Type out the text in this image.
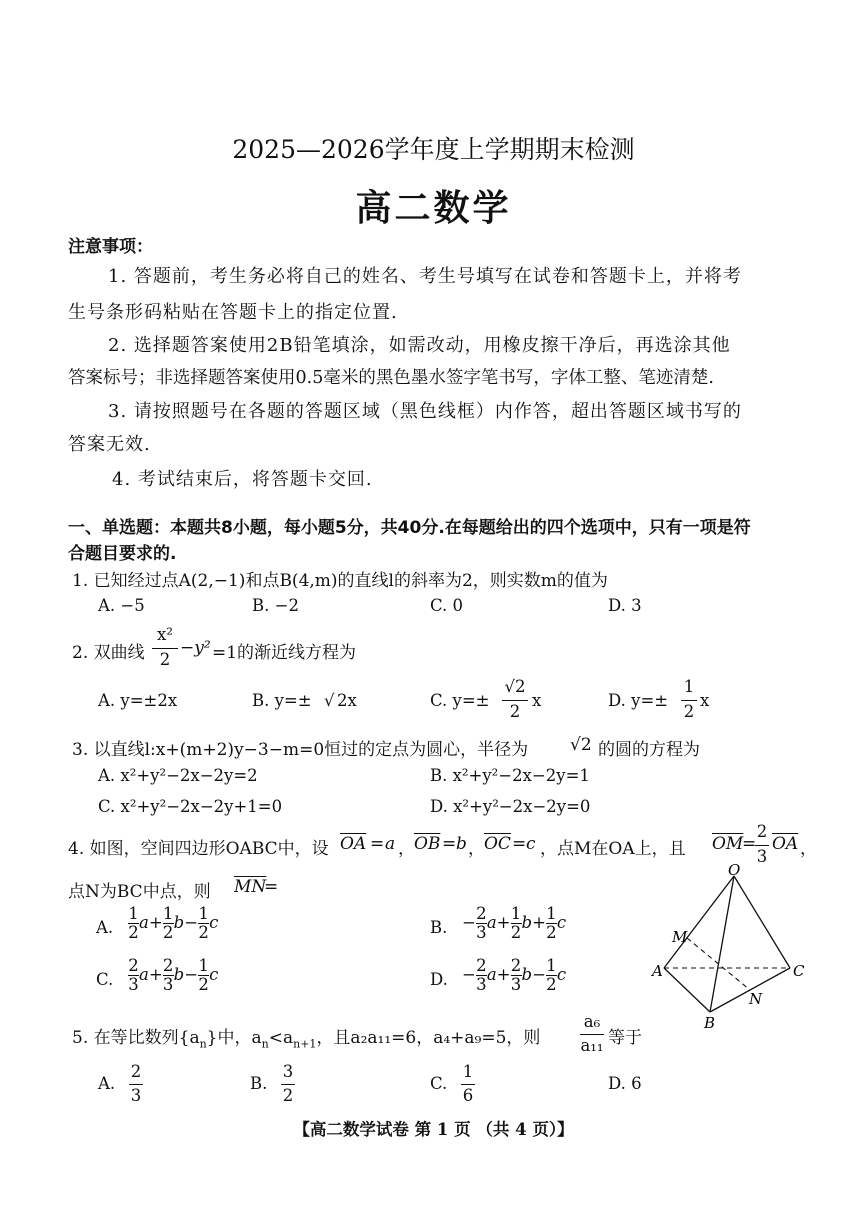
2025—2026学年度上学期期末检测
高二数学
注意事项：
1. 答题前，考生务必将自己的姓名、考生号填写在试卷和答题卡上，并将考
生号条形码粘贴在答题卡上的指定位置.
2. 选择题答案使用2B铅笔填涂，如需改动，用橡皮擦干净后，再选涂其他
答案标号；非选择题答案使用0.5毫米的黑色墨水签字笔书写，字体工整、笔迹清楚.
3. 请按照题号在各题的答题区域（黑色线框）内作答，超出答题区域书写的
答案无效.
4. 考试结束后，将答题卡交回.
一、单选题：本题共8小题，每小题5分，共40分.在每题给出的四个选项中，只有一项是符
合题目要求的.
1. 已知经过点A(2,−1)和点B(4,m)的直线l的斜率为2，则实数m的值为
A. −5	B. −2	C. 0	D. 3
2. 双曲线
x²
2
−y² =1的渐近线方程为
A. y=±2x	B. y=± √ 2x	C. y=±
√2
2
x	D. y=±
1
2
x
3. 以直线l:x+(m+2)y−3−m=0恒过的定点为圆心，半径为 √2 的圆的方程为
A. x²+y²−2x−2y=2	B. x²+y²−2x−2y=1
C. x²+y²−2x−2y+1=0	D. x²+y²−2x−2y=0
4. 如图，空间四边形OABC中，设 $\overline{OA} = a$ ， $\overline{OB} = b$ ， $\overline{OC} = c$ ，点M在OA上，且 $\overline{OM}$
=
2
3
$\overline{OA}$ ，
点N为BC中点，则 $\overline{MN}$
=
A. $\frac{1}{2}a+\frac{1}{2}b-\frac{1}{2}c$	B. $-\frac{2}{3}a+\frac{1}{2}b+\frac{1}{2}c$
C. $\frac{2}{3}a+\frac{2}{3}b-\frac{1}{2}c$	D. $-\frac{2}{3}a+\frac{2}{3}b-\frac{1}{2}c$
O
M
A	C
N
B
5. 在等比数列$\{a_n\}$中，$a_n<a_{n+1}$，且a₂a₁₁=6，a₄+a₉=5，则
a₆
a₁₁ 等于
A.
2
3
B.
3
2
C.
1
6
D. 6
【高二数学试卷 第 1 页 （共 4 页）】
